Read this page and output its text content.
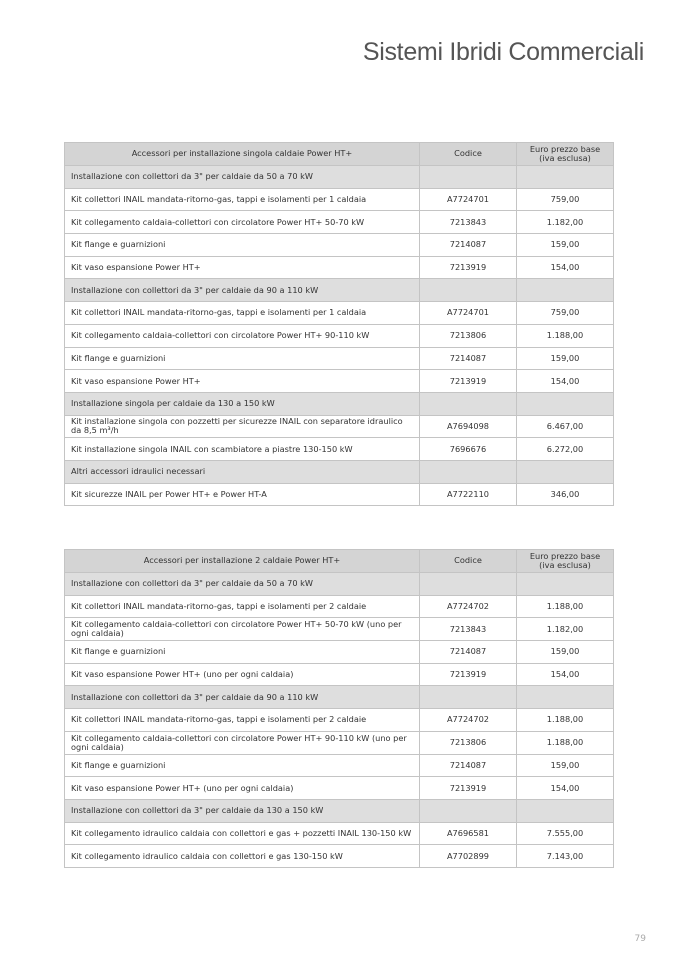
Sistemi Ibridi Commerciali
Accessori per installazione singola caldaie Power HT+	Codice	Euro prezzo base (iva esclusa)
Installazione con collettori da 3" per caldaie da 50 a 70 kW		
Kit collettori INAIL mandata-ritorno-gas, tappi e isolamenti per 1 caldaia	A7724701	759,00
Kit collegamento caldaia-collettori con circolatore Power HT+ 50-70 kW	7213843	1.182,00
Kit flange e guarnizioni	7214087	159,00
Kit vaso espansione Power HT+	7213919	154,00
Installazione con collettori da 3" per caldaie da 90 a 110 kW		
Kit collettori INAIL mandata-ritorno-gas, tappi e isolamenti per 1 caldaia	A7724701	759,00
Kit collegamento caldaia-collettori con circolatore Power HT+ 90-110 kW	7213806	1.188,00
Kit flange e guarnizioni	7214087	159,00
Kit vaso espansione Power HT+	7213919	154,00
Installazione singola per caldaie da 130 a 150 kW		
Kit installazione singola con pozzetti per sicurezze INAIL con separatore idraulico da 8,5 m³/h	A7694098	6.467,00
Kit installazione singola INAIL con scambiatore a piastre 130-150 kW	7696676	6.272,00
Altri accessori idraulici necessari		
Kit sicurezze INAIL per Power HT+ e Power HT-A	A7722110	346,00
Accessori per installazione 2 caldaie Power HT+	Codice	Euro prezzo base (iva esclusa)
Installazione con collettori da 3" per caldaie da 50 a 70 kW		
Kit collettori INAIL mandata-ritorno-gas, tappi e isolamenti per 2 caldaie	A7724702	1.188,00
Kit collegamento caldaia-collettori con circolatore Power HT+ 50-70 kW (uno per ogni caldaia)	7213843	1.182,00
Kit flange e guarnizioni	7214087	159,00
Kit vaso espansione Power HT+ (uno per ogni caldaia)	7213919	154,00
Installazione con collettori da 3" per caldaie da 90 a 110 kW		
Kit collettori INAIL mandata-ritorno-gas, tappi e isolamenti per 2 caldaie	A7724702	1.188,00
Kit collegamento caldaia-collettori con circolatore Power HT+ 90-110 kW (uno per ogni caldaia)	7213806	1.188,00
Kit flange e guarnizioni	7214087	159,00
Kit vaso espansione Power HT+ (uno per ogni caldaia)	7213919	154,00
Installazione con collettori da 3" per caldaie da 130 a 150 kW		
Kit collegamento idraulico caldaia con collettori e gas + pozzetti INAIL 130-150 kW	A7696581	7.555,00
Kit collegamento idraulico caldaia con collettori e gas 130-150 kW	A7702899	7.143,00
79
